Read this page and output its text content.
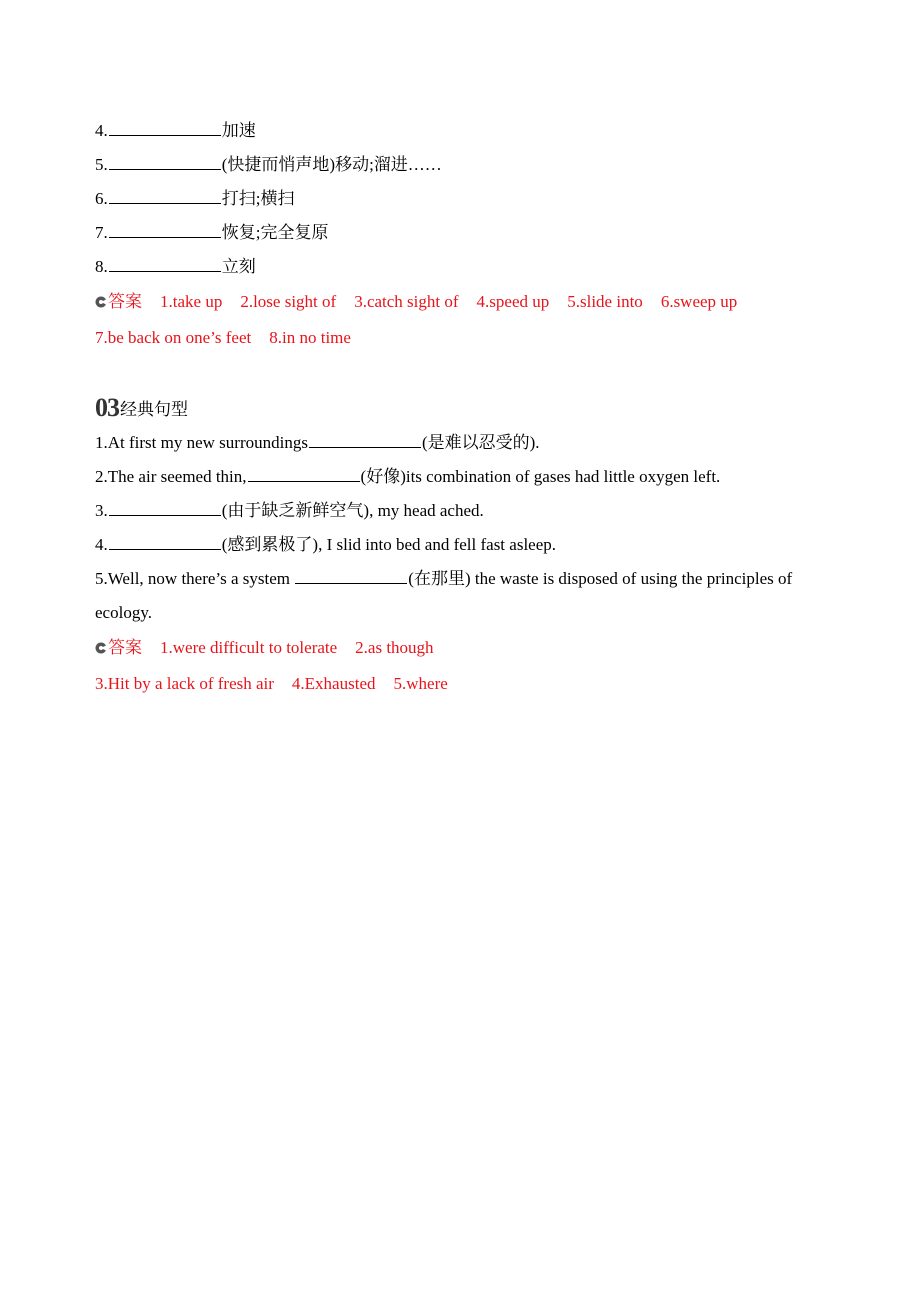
4.	加速
5.	(快捷而悄声地)移动;溜进……
6.	打扫;横扫
7.	恢复;完全复原
8.	立刻
答案 1.take up 2.lose sight of 3.catch sight of 4.speed up 5.slide into 6.sweep up
7.be back on one’s feet 8.in no time
03经典句型
1.At first my new surroundings	(是难以忍受的).
2.The air seemed thin,	(好像)its combination of gases had little oxygen left.
3.	(由于缺乏新鲜空气), my head ached.
4.	(感到累极了), I slid into bed and fell fast asleep.
5.Well, now there’s a system	(在那里) the waste is disposed of using the principles of ecology.
答案 1.were difficult to tolerate 2.as though
3.Hit by a lack of fresh air 4.Exhausted 5.where
